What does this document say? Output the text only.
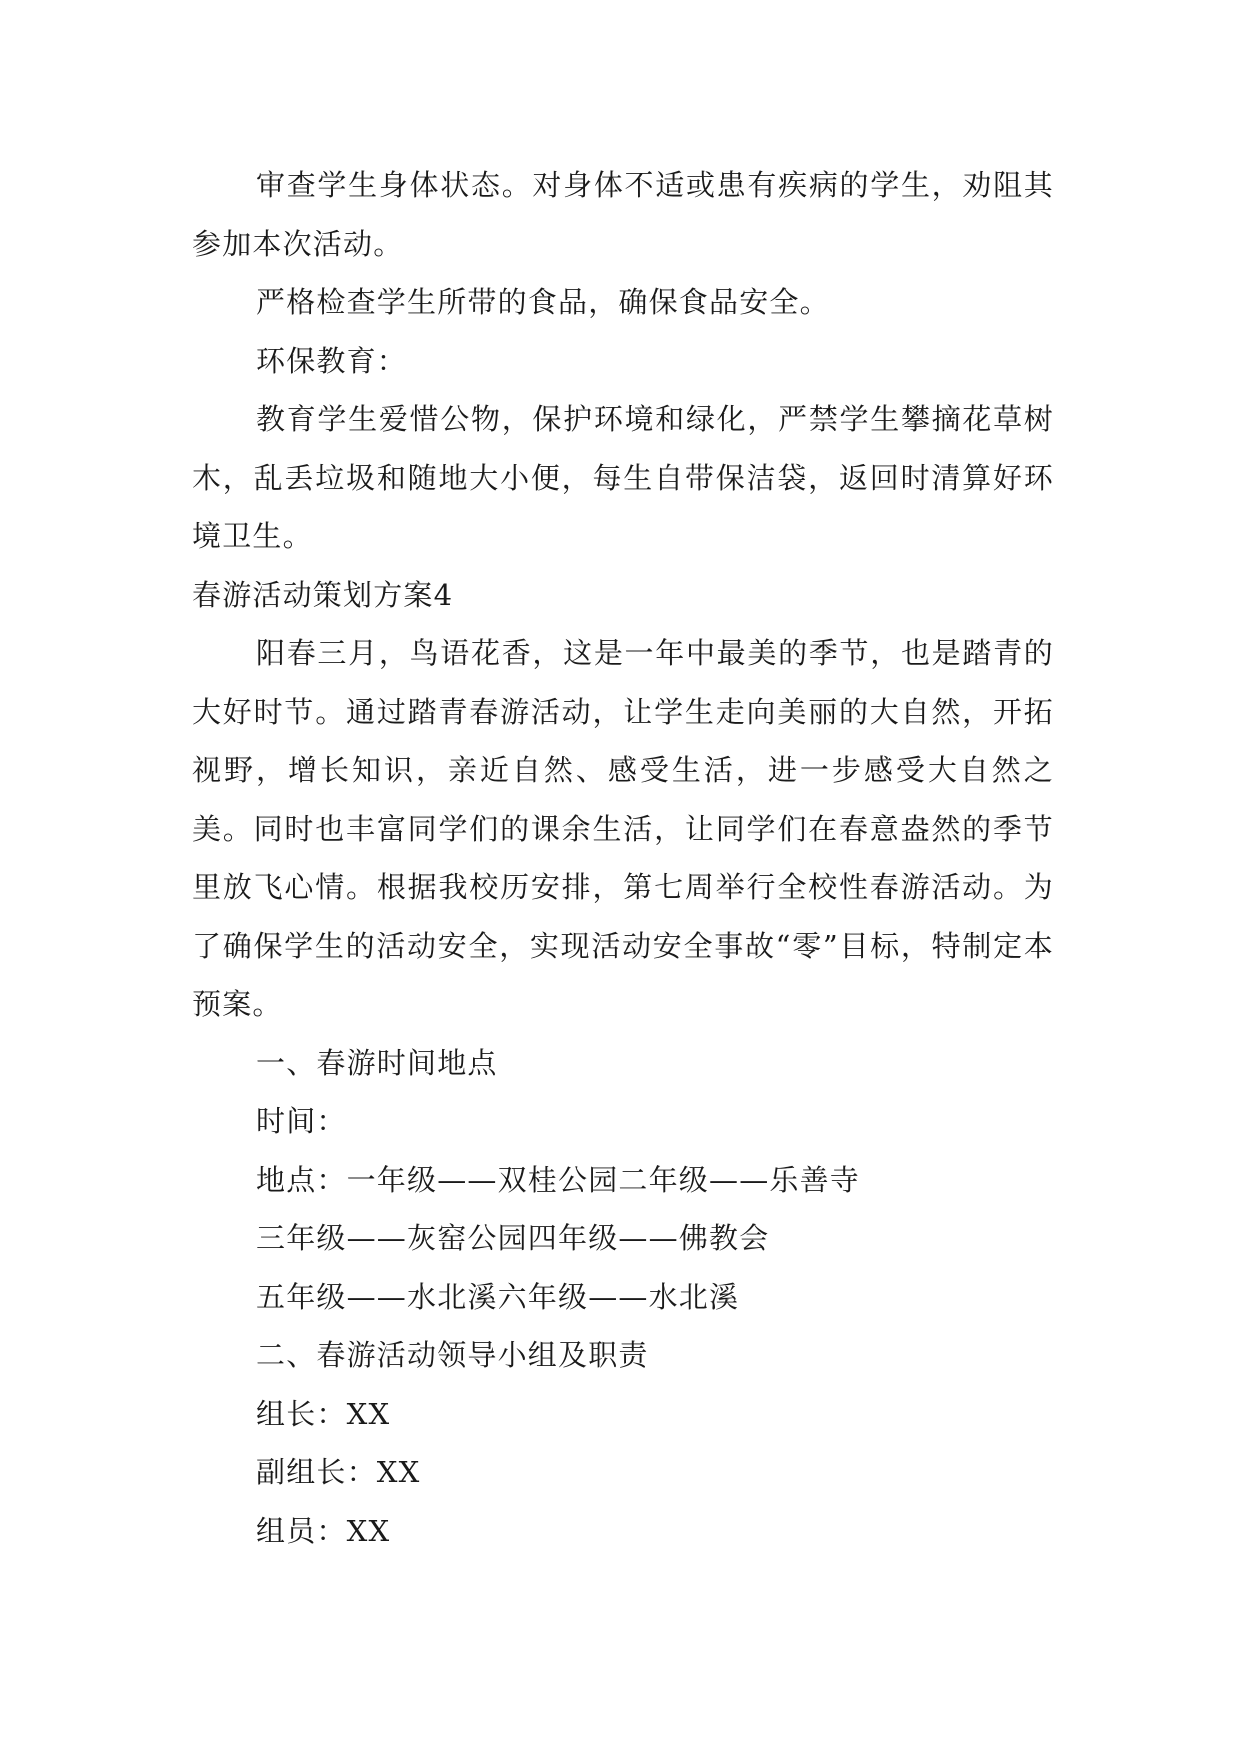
审查学生身体状态。对身体不适或患有疾病的学生，劝阻其参加本次活动。

严格检查学生所带的食品，确保食品安全。

环保教育：

教育学生爱惜公物，保护环境和绿化，严禁学生攀摘花草树木，乱丢垃圾和随地大小便，每生自带保洁袋，返回时清算好环境卫生。

春游活动策划方案4

阳春三月，鸟语花香，这是一年中最美的季节，也是踏青的大好时节。通过踏青春游活动，让学生走向美丽的大自然，开拓视野，增长知识，亲近自然、感受生活，进一步感受大自然之美。同时也丰富同学们的课余生活，让同学们在春意盎然的季节里放飞心情。根据我校历安排，第七周举行全校性春游活动。为了确保学生的活动安全，实现活动安全事故“零”目标，特制定本预案。

一、春游时间地点

时间：

地点：一年级——双桂公园二年级——乐善寺

三年级——灰窑公园四年级——佛教会

五年级——水北溪六年级——水北溪

二、春游活动领导小组及职责

组长：XX

副组长：XX

组员：XX
